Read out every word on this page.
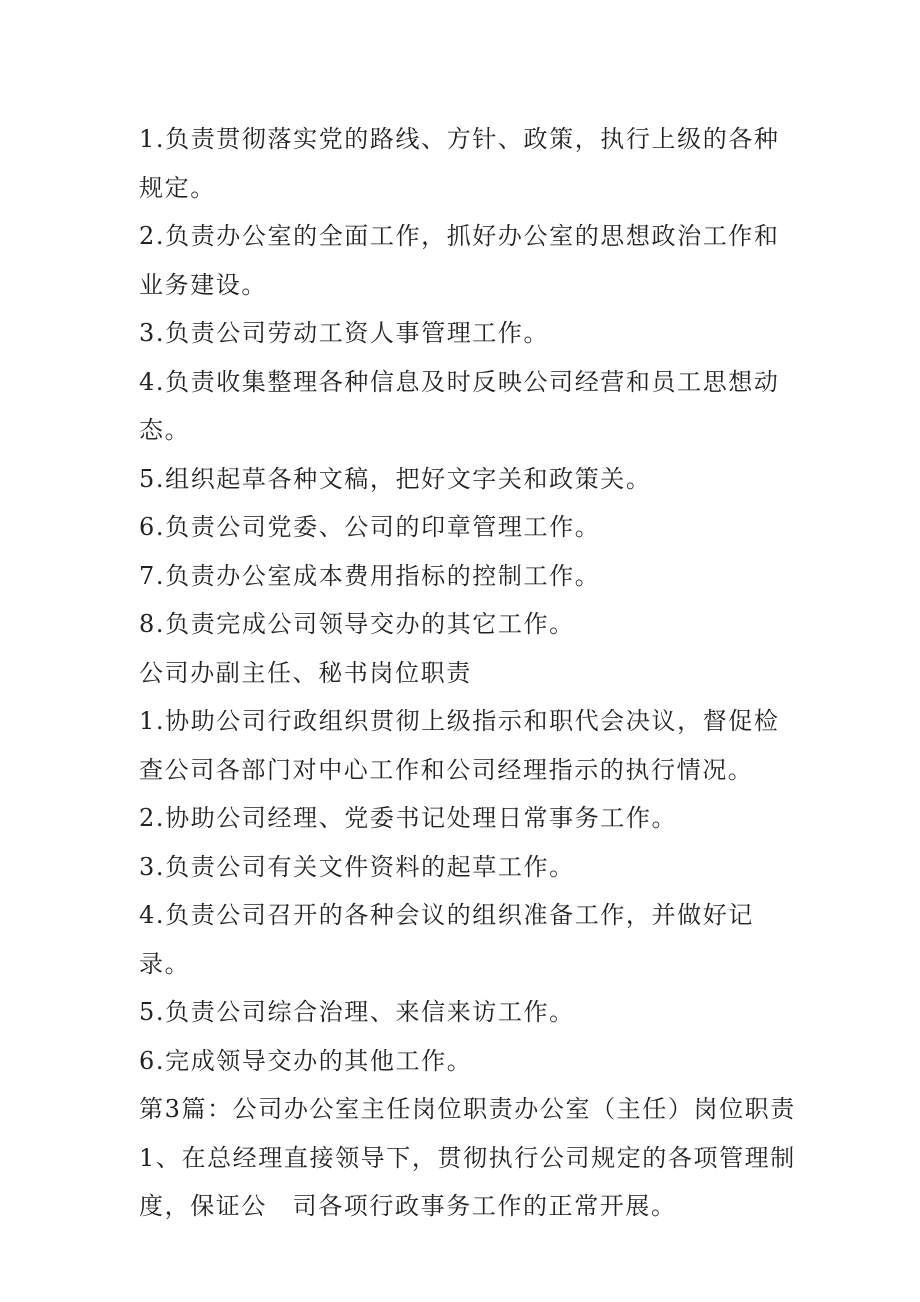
1.负责贯彻落实党的路线、方针、政策，执行上级的各种规定。

2.负责办公室的全面工作，抓好办公室的思想政治工作和业务建设。

3.负责公司劳动工资人事管理工作。

4.负责收集整理各种信息及时反映公司经营和员工思想动态。

5.组织起草各种文稿，把好文字关和政策关。

6.负责公司党委、公司的印章管理工作。

7.负责办公室成本费用指标的控制工作。

8.负责完成公司领导交办的其它工作。

公司办副主任、秘书岗位职责

1.协助公司行政组织贯彻上级指示和职代会决议，督促检查公司各部门对中心工作和公司经理指示的执行情况。

2.协助公司经理、党委书记处理日常事务工作。

3.负责公司有关文件资料的起草工作。

4.负责公司召开的各种会议的组织准备工作，并做好记录。

5.负责公司综合治理、来信来访工作。

6.完成领导交办的其他工作。

第3篇：公司办公室主任岗位职责办公室（主任）岗位职责

1、在总经理直接领导下，贯彻执行公司规定的各项管理制度，保证公　司各项行政事务工作的正常开展。
